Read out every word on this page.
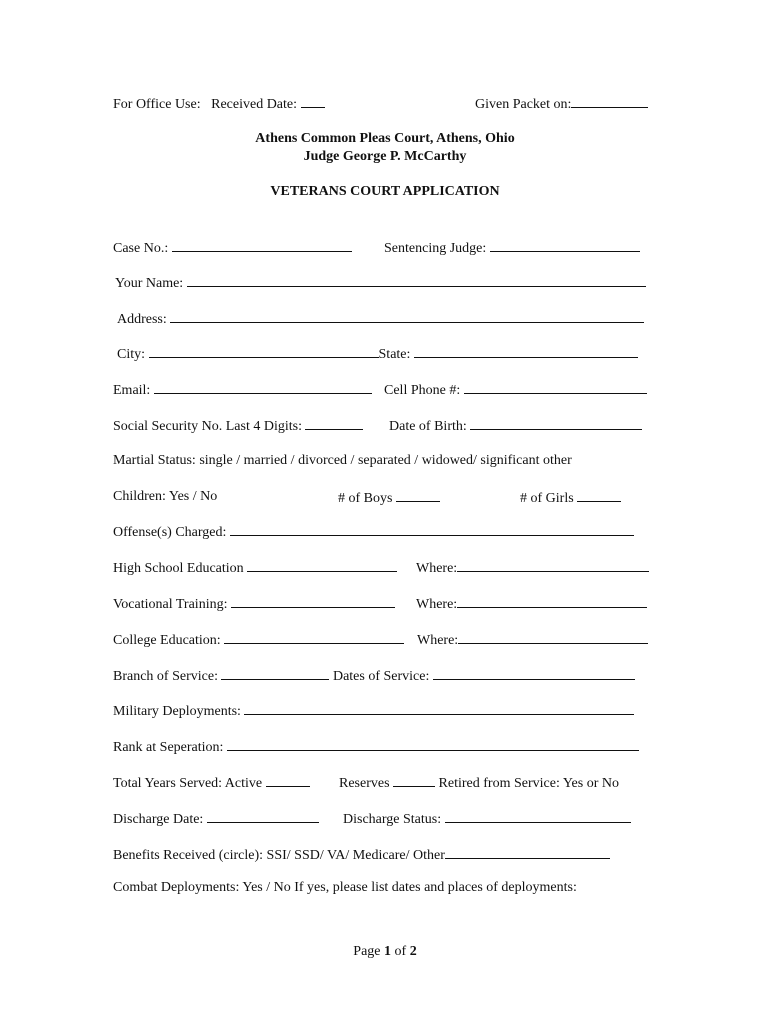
For Office Use: Received Date:	Given Packet on:
Athens Common Pleas Court, Athens, Ohio
Judge George P. McCarthy
VETERANS COURT APPLICATION
Case No.:	Sentencing Judge:
Your Name:
Address:
City:	State:
Email:	Cell Phone #:
Social Security No. Last 4 Digits:	Date of Birth:
Martial Status: single / married / divorced / separated / widowed/ significant other
Children: Yes / No	# of Boys	# of Girls
Offense(s) Charged:
High School Education	Where:
Vocational Training:	Where:
College Education:	Where:
Branch of Service:	Dates of Service:
Military Deployments:
Rank at Seperation:
Total Years Served: Active	Reserves	Retired from Service: Yes or No
Discharge Date:	Discharge Status:
Benefits Received (circle): SSI/ SSD/ VA/ Medicare/ Other
Combat Deployments: Yes / No If yes, please list dates and places of deployments:
Page 1 of 2
